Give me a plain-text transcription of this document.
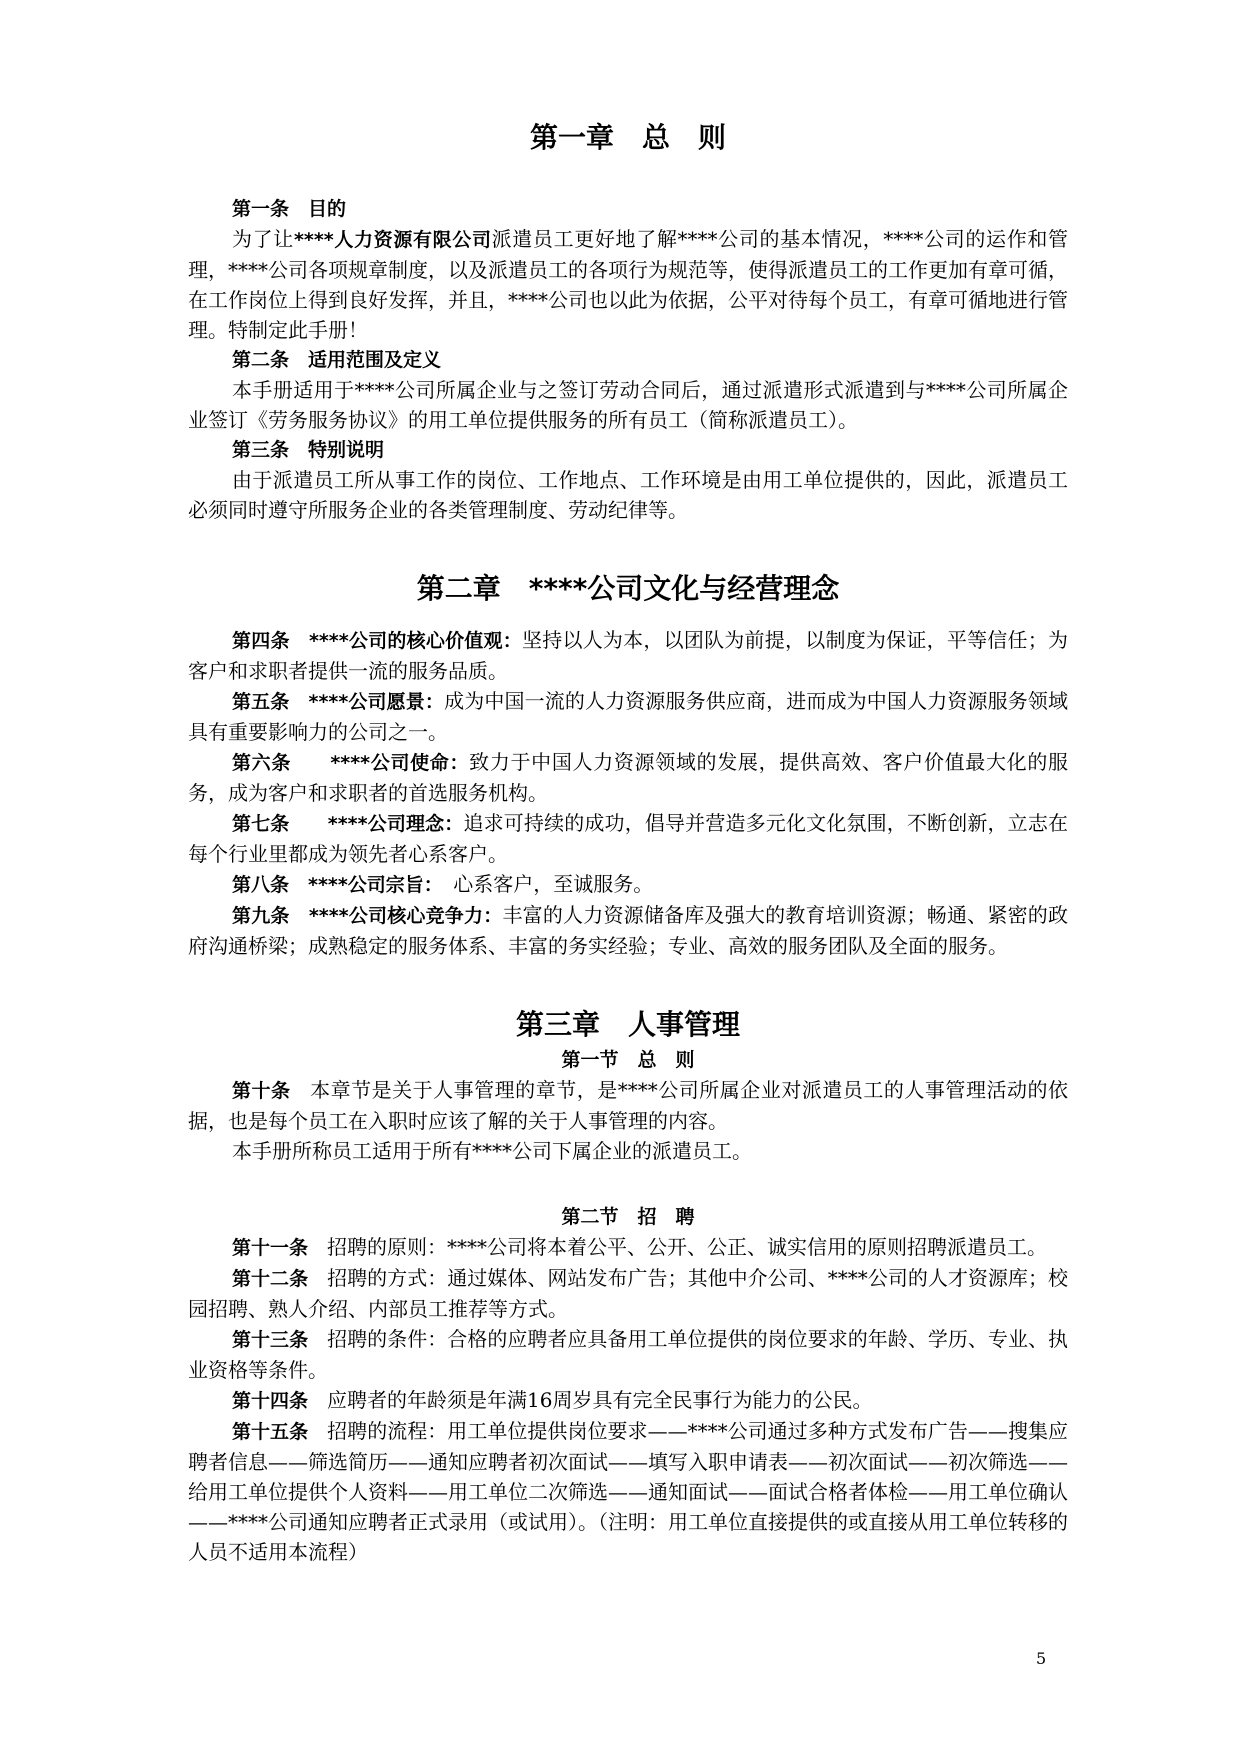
第一章　总　则
第一条　目的

为了让****人力资源有限公司派遣员工更好地了解****公司的基本情况，****公司的运作和管理，****公司各项规章制度，以及派遣员工的各项行为规范等，使得派遣员工的工作更加有章可循，在工作岗位上得到良好发挥，并且，****公司也以此为依据，公平对待每个员工，有章可循地进行管理。特制定此手册！

第二条　适用范围及定义

本手册适用于****公司所属企业与之签订劳动合同后，通过派遣形式派遣到与****公司所属企业签订《劳务服务协议》的用工单位提供服务的所有员工（简称派遣员工）。

第三条　特别说明

由于派遣员工所从事工作的岗位、工作地点、工作环境是由用工单位提供的，因此，派遣员工必须同时遵守所服务企业的各类管理制度、劳动纪律等。

第二章　****公司文化与经营理念

第四条　****公司的核心价值观：坚持以人为本，以团队为前提，以制度为保证，平等信任；为客户和求职者提供一流的服务品质。

第五条　****公司愿景：成为中国一流的人力资源服务供应商，进而成为中国人力资源服务领域具有重要影响力的公司之一。

第六条　　****公司使命：致力于中国人力资源领域的发展，提供高效、客户价值最大化的服务，成为客户和求职者的首选服务机构。

第七条　　****公司理念：追求可持续的成功，倡导并营造多元化文化氛围，不断创新，立志在每个行业里都成为领先者心系客户。

第八条　****公司宗旨：　心系客户，至诚服务。

第九条　****公司核心竞争力：丰富的人力资源储备库及强大的教育培训资源；畅通、紧密的政府沟通桥梁；成熟稳定的服务体系、丰富的务实经验；专业、高效的服务团队及全面的服务。

第三章　人事管理
第一节　总　则

第十条　本章节是关于人事管理的章节，是****公司所属企业对派遣员工的人事管理活动的依据，也是每个员工在入职时应该了解的关于人事管理的内容。

本手册所称员工适用于所有****公司下属企业的派遣员工。

第二节　招　聘

第十一条　招聘的原则：****公司将本着公平、公开、公正、诚实信用的原则招聘派遣员工。

第十二条　招聘的方式：通过媒体、网站发布广告；其他中介公司、****公司的人才资源库；校园招聘、熟人介绍、内部员工推荐等方式。

第十三条　招聘的条件：合格的应聘者应具备用工单位提供的岗位要求的年龄、学历、专业、执业资格等条件。

第十四条　应聘者的年龄须是年满16周岁具有完全民事行为能力的公民。

第十五条　招聘的流程：用工单位提供岗位要求——****公司通过多种方式发布广告——搜集应聘者信息——筛选简历——通知应聘者初次面试——填写入职申请表——初次面试——初次筛选——给用工单位提供个人资料——用工单位二次筛选——通知面试——面试合格者体检——用工单位确认——****公司通知应聘者正式录用（或试用）。（注明：用工单位直接提供的或直接从用工单位转移的人员不适用本流程）

5
